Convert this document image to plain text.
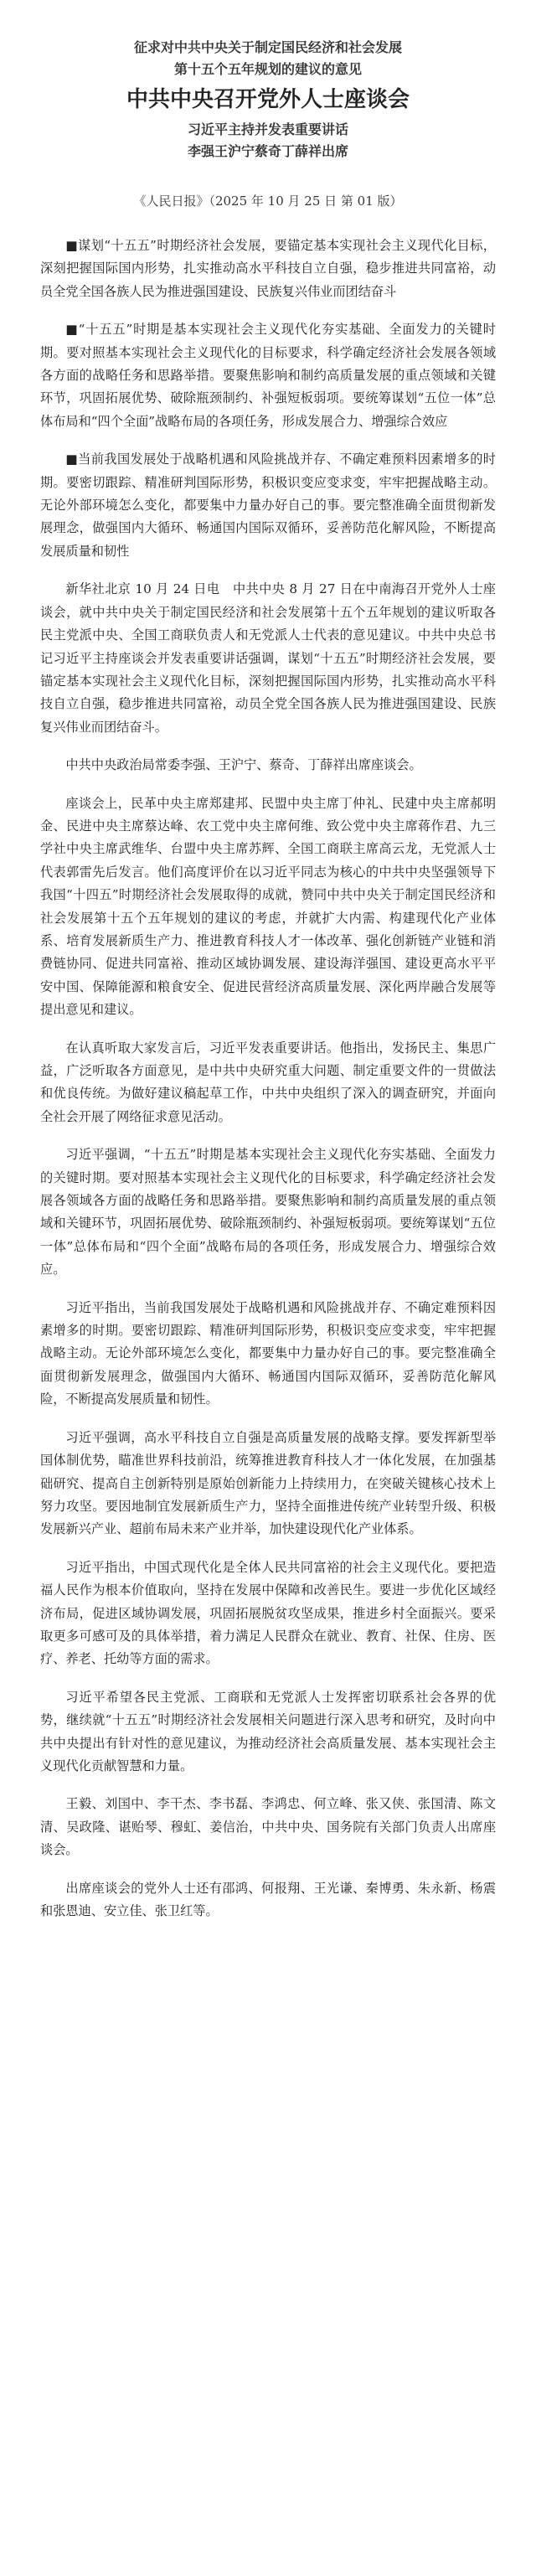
征求对中共中央关于制定国民经济和社会发展
第十五个五年规划的建议的意见
中共中央召开党外人士座谈会
习近平主持并发表重要讲话
李强王沪宁蔡奇丁薛祥出席
《人民日报》（2025 年 10 月 25 日 第 01 版）

■谋划“十五五”时期经济社会发展，要锚定基本实现社会主义现代化目标，深刻把握国际国内形势，扎实推动高水平科技自立自强，稳步推进共同富裕，动员全党全国各族人民为推进强国建设、民族复兴伟业而团结奋斗

■“十五五”时期是基本实现社会主义现代化夯实基础、全面发力的关键时期。要对照基本实现社会主义现代化的目标要求，科学确定经济社会发展各领域各方面的战略任务和思路举措。要聚焦影响和制约高质量发展的重点领域和关键环节，巩固拓展优势、破除瓶颈制约、补强短板弱项。要统筹谋划“五位一体”总体布局和“四个全面”战略布局的各项任务，形成发展合力、增强综合效应

■当前我国发展处于战略机遇和风险挑战并存、不确定难预料因素增多的时期。要密切跟踪、精准研判国际形势，积极识变应变求变，牢牢把握战略主动。无论外部环境怎么变化，都要集中力量办好自己的事。要完整准确全面贯彻新发展理念，做强国内大循环、畅通国内国际双循环，妥善防范化解风险，不断提高发展质量和韧性

新华社北京 10 月 24 日电　中共中央 8 月 27 日在中南海召开党外人士座谈会，就中共中央关于制定国民经济和社会发展第十五个五年规划的建议听取各民主党派中央、全国工商联负责人和无党派人士代表的意见建议。中共中央总书记习近平主持座谈会并发表重要讲话强调，谋划“十五五”时期经济社会发展，要锚定基本实现社会主义现代化目标，深刻把握国际国内形势，扎实推动高水平科技自立自强，稳步推进共同富裕，动员全党全国各族人民为推进强国建设、民族复兴伟业而团结奋斗。

中共中央政治局常委李强、王沪宁、蔡奇、丁薛祥出席座谈会。

座谈会上，民革中央主席郑建邦、民盟中央主席丁仲礼、民建中央主席郝明金、民进中央主席蔡达峰、农工党中央主席何维、致公党中央主席蒋作君、九三学社中央主席武维华、台盟中央主席苏辉、全国工商联主席高云龙，无党派人士代表郭雷先后发言。他们高度评价在以习近平同志为核心的中共中央坚强领导下我国“十四五”时期经济社会发展取得的成就，赞同中共中央关于制定国民经济和社会发展第十五个五年规划的建议的考虑，并就扩大内需、构建现代化产业体系、培育发展新质生产力、推进教育科技人才一体改革、强化创新链产业链和消费链协同、促进共同富裕、推动区域协调发展、建设海洋强国、建设更高水平平安中国、保障能源和粮食安全、促进民营经济高质量发展、深化两岸融合发展等提出意见和建议。

在认真听取大家发言后，习近平发表重要讲话。他指出，发扬民主、集思广益，广泛听取各方面意见，是中共中央研究重大问题、制定重要文件的一贯做法和优良传统。为做好建议稿起草工作，中共中央组织了深入的调查研究，并面向全社会开展了网络征求意见活动。

习近平强调，“十五五”时期是基本实现社会主义现代化夯实基础、全面发力的关键时期。要对照基本实现社会主义现代化的目标要求，科学确定经济社会发展各领域各方面的战略任务和思路举措。要聚焦影响和制约高质量发展的重点领域和关键环节，巩固拓展优势、破除瓶颈制约、补强短板弱项。要统筹谋划“五位一体”总体布局和“四个全面”战略布局的各项任务，形成发展合力、增强综合效应。

习近平指出，当前我国发展处于战略机遇和风险挑战并存、不确定难预料因素增多的时期。要密切跟踪、精准研判国际形势，积极识变应变求变，牢牢把握战略主动。无论外部环境怎么变化，都要集中力量办好自己的事。要完整准确全面贯彻新发展理念，做强国内大循环、畅通国内国际双循环，妥善防范化解风险，不断提高发展质量和韧性。

习近平强调，高水平科技自立自强是高质量发展的战略支撑。要发挥新型举国体制优势，瞄准世界科技前沿，统筹推进教育科技人才一体化发展，在加强基础研究、提高自主创新特别是原始创新能力上持续用力，在突破关键核心技术上努力攻坚。要因地制宜发展新质生产力，坚持全面推进传统产业转型升级、积极发展新兴产业、超前布局未来产业并举，加快建设现代化产业体系。

习近平指出，中国式现代化是全体人民共同富裕的社会主义现代化。要把造福人民作为根本价值取向，坚持在发展中保障和改善民生。要进一步优化区域经济布局，促进区域协调发展，巩固拓展脱贫攻坚成果，推进乡村全面振兴。要采取更多可感可及的具体举措，着力满足人民群众在就业、教育、社保、住房、医疗、养老、托幼等方面的需求。

习近平希望各民主党派、工商联和无党派人士发挥密切联系社会各界的优势，继续就“十五五”时期经济社会发展相关问题进行深入思考和研究，及时向中共中央提出有针对性的意见建议，为推动经济社会高质量发展、基本实现社会主义现代化贡献智慧和力量。

王毅、刘国中、李干杰、李书磊、李鸿忠、何立峰、张又侠、张国清、陈文清、吴政隆、谌贻琴、穆虹、姜信治，中共中央、国务院有关部门负责人出席座谈会。

出席座谈会的党外人士还有邵鸿、何报翔、王光谦、秦博勇、朱永新、杨震和张恩迪、安立佳、张卫红等。
